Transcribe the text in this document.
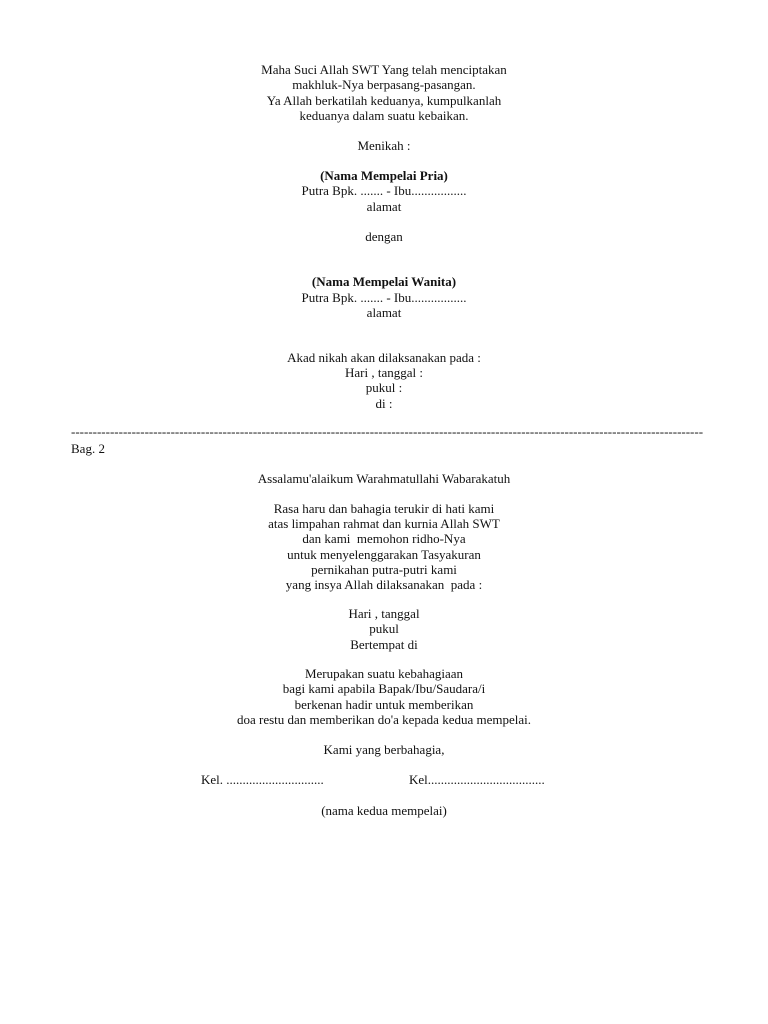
Maha Suci Allah SWT Yang telah menciptakan
makhluk-Nya berpasang-pasangan.
Ya Allah berkatilah keduanya, kumpulkanlah
keduanya dalam suatu kebaikan.
Menikah :
(Nama Mempelai Pria)
Putra Bpk. ....... - Ibu.................
alamat
dengan
(Nama Mempelai Wanita)
Putra Bpk. ....... - Ibu.................
alamat
Akad nikah akan dilaksanakan pada :
Hari , tanggal :
pukul :
di :
--------------------------------------------------------------------------------------------------------------------------------------------------
Bag. 2
Assalamu'alaikum Warahmatullahi Wabarakatuh
Rasa haru dan bahagia terukir di hati kami
atas limpahan rahmat dan kurnia Allah SWT
dan kami  memohon ridho-Nya
untuk menyelenggarakan Tasyakuran
pernikahan putra-putri kami
yang insya Allah dilaksanakan  pada :
Hari , tanggal
pukul
Bertempat di
Merupakan suatu kebahagiaan
bagi kami apabila Bapak/Ibu/Saudara/i
berkenan hadir untuk memberikan
doa restu dan memberikan do'a kepada kedua mempelai.
Kami yang berbahagia,
Kel. ..............................	Kel....................................
(nama kedua mempelai)
